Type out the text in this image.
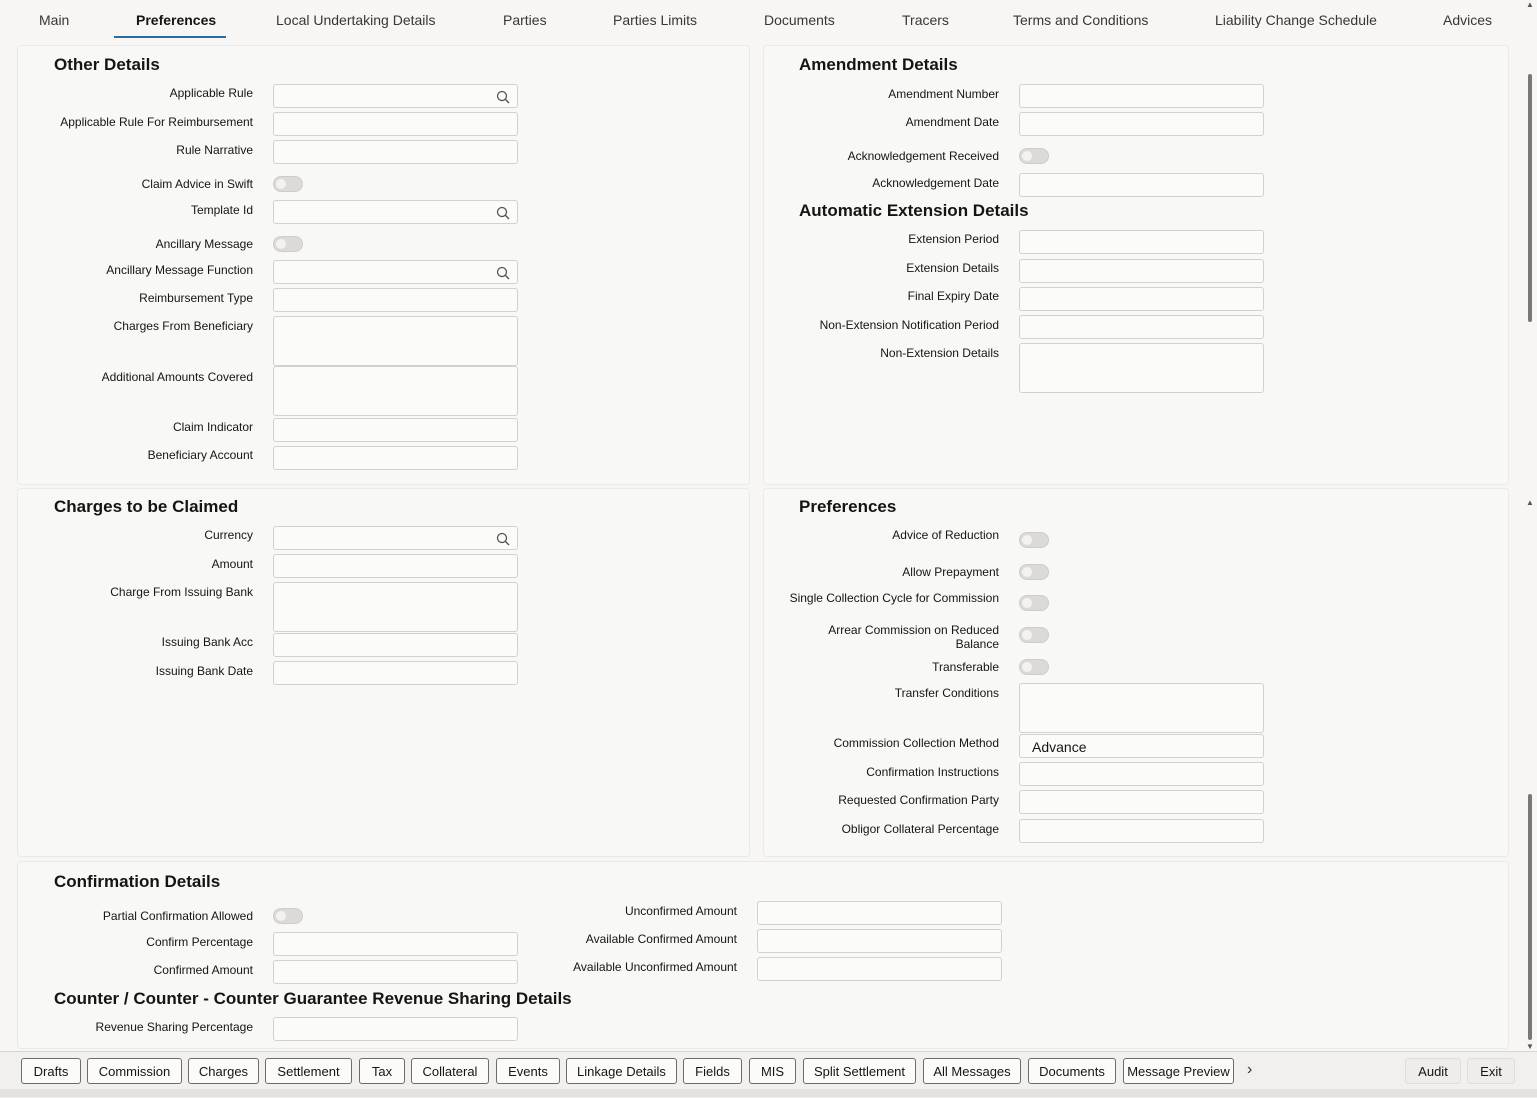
Main	Preferences	Local Undertaking Details	Parties	Parties Limits	Documents	Tracers	Terms and Conditions	Liability Change Schedule	Advices
Other Details
Applicable Rule
Applicable Rule For Reimbursement
Rule Narrative
Claim Advice in Swift
Template Id
Ancillary Message
Ancillary Message Function
Reimbursement Type
Charges From Beneficiary
Additional Amounts Covered
Claim Indicator
Beneficiary Account
Amendment Details
Amendment Number
Amendment Date
Acknowledgement Received
Acknowledgement Date
Automatic Extension Details
Extension Period
Extension Details
Final Expiry Date
Non-Extension Notification Period
Non-Extension Details
Charges to be Claimed
Currency
Amount
Charge From Issuing Bank
Issuing Bank Acc
Issuing Bank Date
Preferences
Advice of Reduction
Allow Prepayment
Single Collection Cycle for Commission
Arrear Commission on Reduced
Balance
Transferable
Transfer Conditions
Commission Collection Method	Advance
Confirmation Instructions
Requested Confirmation Party
Obligor Collateral Percentage
Confirmation Details
Partial Confirmation Allowed
Confirm Percentage
Confirmed Amount
Unconfirmed Amount
Available Confirmed Amount
Available Unconfirmed Amount
Counter / Counter - Counter Guarantee Revenue Sharing Details
Revenue Sharing Percentage
▲
▲
▼
Drafts	Commission	Charges	Settlement	Tax	Collateral	Events	Linkage Details	Fields	MIS	Split Settlement	All Messages	Documents	Message Preview ›	Audit	Exit
